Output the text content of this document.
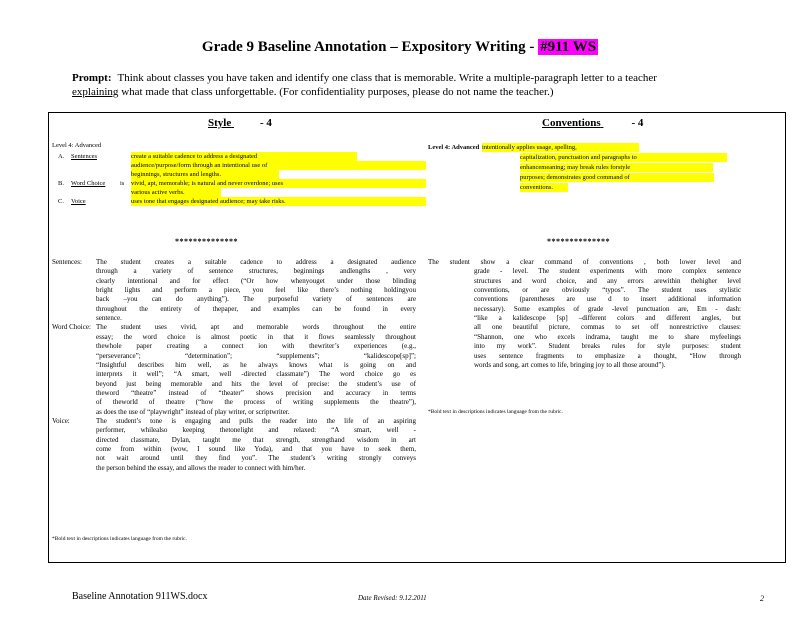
Grade 9 Baseline Annotation – Expository Writing - #911 WS
Prompt: Think about classes you have taken and identify one class that is memorable. Write a multiple-paragraph letter to a teacher
explaining what made that class unforgettable. (For confidentiality purposes, please do not name the teacher.)
Style  - 4	Conventions	- 4
Level 4: Advanced
A. Sentences	create a suitable cadence to address a designated
audience/purpose/form through an intentional use of
beginnings, structures and lengths.
B. Word Choice is vivid, apt, memorable; is natural and never overdone; uses
various active verbs.
C. Voice	uses tone that engages designated audience; may take risks.
Level 4: Advanced intentionally applies usage, spelling,
capitalization, punctuation and paragraphs to
enhancemeaning; may break rules forstyle
purposes; demonstrates good command of
conventions.
**************	**************
Sentences: The student creates a suitable cadence to address a designated audience
through a variety of sentence structures, beginnings andlengths , very
clearly intentional and for effect (“Or how whenyouget under those blinding
bright lights and perform a piece, you feel like there’s nothing holdingyou
back –you can do anything”). The purposeful variety of sentences are
throughout the entirety of thepaper, and examples can be found in every
sentence.
Word Choice: The student uses vivid, apt and memorable words throughout the entire
essay; the word choice is almost poetic in that it flows seamlessly throughout
thewhole paper creating a connect ion with thewriter’s experiences (e.g.,
“perseverance”; “determination”; “supplements”; “kalidescope[sp]”;
“Insightful describes him well, as he always knows what is going on and
interprets it well”; “A smart, well -directed classmate”) The word choice go es
beyond just being memorable and hits the level of precise: the student’s use of
theword “theatre” instead of “theater” shows precision and accuracy in terms
of theworld of theatre (“how the process of writing supplements the theatre”),
as does the use of “playwright” instead of play writer, or scriptwriter.
Voice:	The student’s tone is engaging and pulls the reader into the life of an aspiring
performer, whilealso keeping thetonelight and relaxed: “A smart, well -
directed classmate, Dylan, taught me that strength, strengthand wisdom in art
come from within (wow, I sound like Yoda), and that you have to seek them,
not wait around until they find you”. The student’s writing strongly conveys
the person behind the essay, and allows the reader to connect with him/her.
*Bold text in descriptions indicates language from the rubric.
The student show a clear command of conventions , both lower level and
grade - level. The student experiments with more complex sentence
structures and word choice, and any errors arewithin thehigher level
conventions, or are obviously “typos”. The student uses stylistic
conventions (parentheses are use d to insert additional information
necessary). Some examples of grade -level punctuation are, Em - dash:
“like a kalidescope [sp] –different colors and different angles, but
all one beautiful picture, commas to set off nonrestrictive clauses:
“Shannon, one who excels indrama, taught me to share myfeelings
into my work”. Student breaks rules for style purposes: student
uses sentence fragments to emphasize a thought, “How through
words and song, art comes to life, bringing joy to all those around”).
*Bold text in descriptions indicates language from the rubric.
Baseline Annotation 911WS.docx	Date Revised: 9.12.2011	2
